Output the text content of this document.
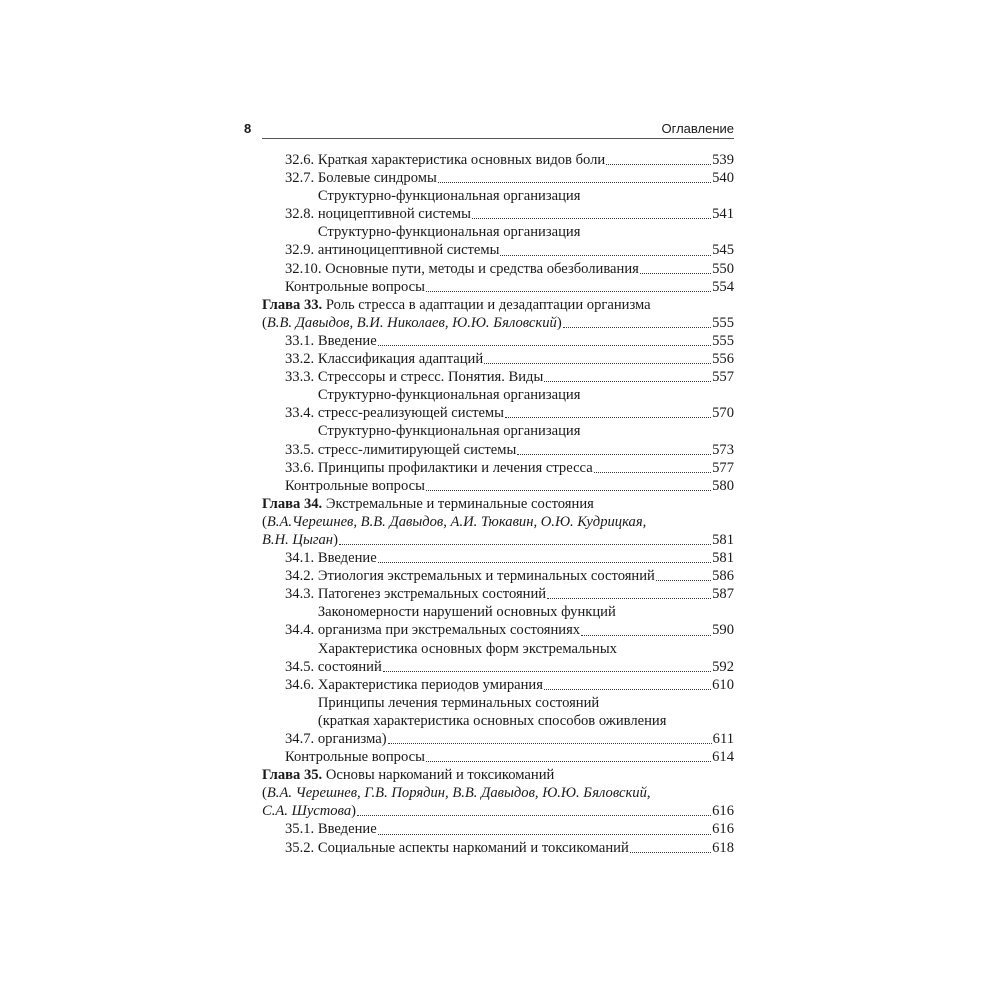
8	Оглавление
32.6. Краткая характеристика основных видов боли	539
32.7. Болевые синдромы	540
32.8.
Структурно-функциональная организация
ноцицептивной системы	541
32.9.
Структурно-функциональная организация
антиноцицептивной системы	545
32.10. Основные пути, методы и средства обезболивания	550
Контрольные вопросы	554
Глава 33. Роль стресса в адаптации и дезадаптации организма
(В.В. Давыдов, В.И. Николаев, Ю.Ю. Бяловский)	555
33.1. Введение	555
33.2. Классификация адаптаций	556
33.3. Стрессоры и стресс. Понятия. Виды	557
33.4.
Структурно-функциональная организация
стресс-реализующей системы	570
33.5.
Структурно-функциональная организация
стресс-лимитирующей системы	573
33.6. Принципы профилактики и лечения стресса	577
Контрольные вопросы	580
Глава 34. Экстремальные и терминальные состояния
(В.А.Черешнев, В.В. Давыдов, А.И. Тюкавин, О.Ю. Кудрицкая,
В.Н. Цыган)	581
34.1. Введение	581
34.2. Этиология экстремальных и терминальных состояний	586
34.3. Патогенез экстремальных состояний	587
34.4.
Закономерности нарушений основных функций
организма при экстремальных состояниях	590
34.5.
Характеристика основных форм экстремальных
состояний	592
34.6. Характеристика периодов умирания	610
34.7.
Принципы лечения терминальных состояний
(краткая характеристика основных способов оживления
организма)	611
Контрольные вопросы	614
Глава 35. Основы наркоманий и токсикоманий
(В.А. Черешнев, Г.В. Порядин, В.В. Давыдов, Ю.Ю. Бяловский,
С.А. Шустова)	616
35.1. Введение	616
35.2. Социальные аспекты наркоманий и токсикоманий	618
